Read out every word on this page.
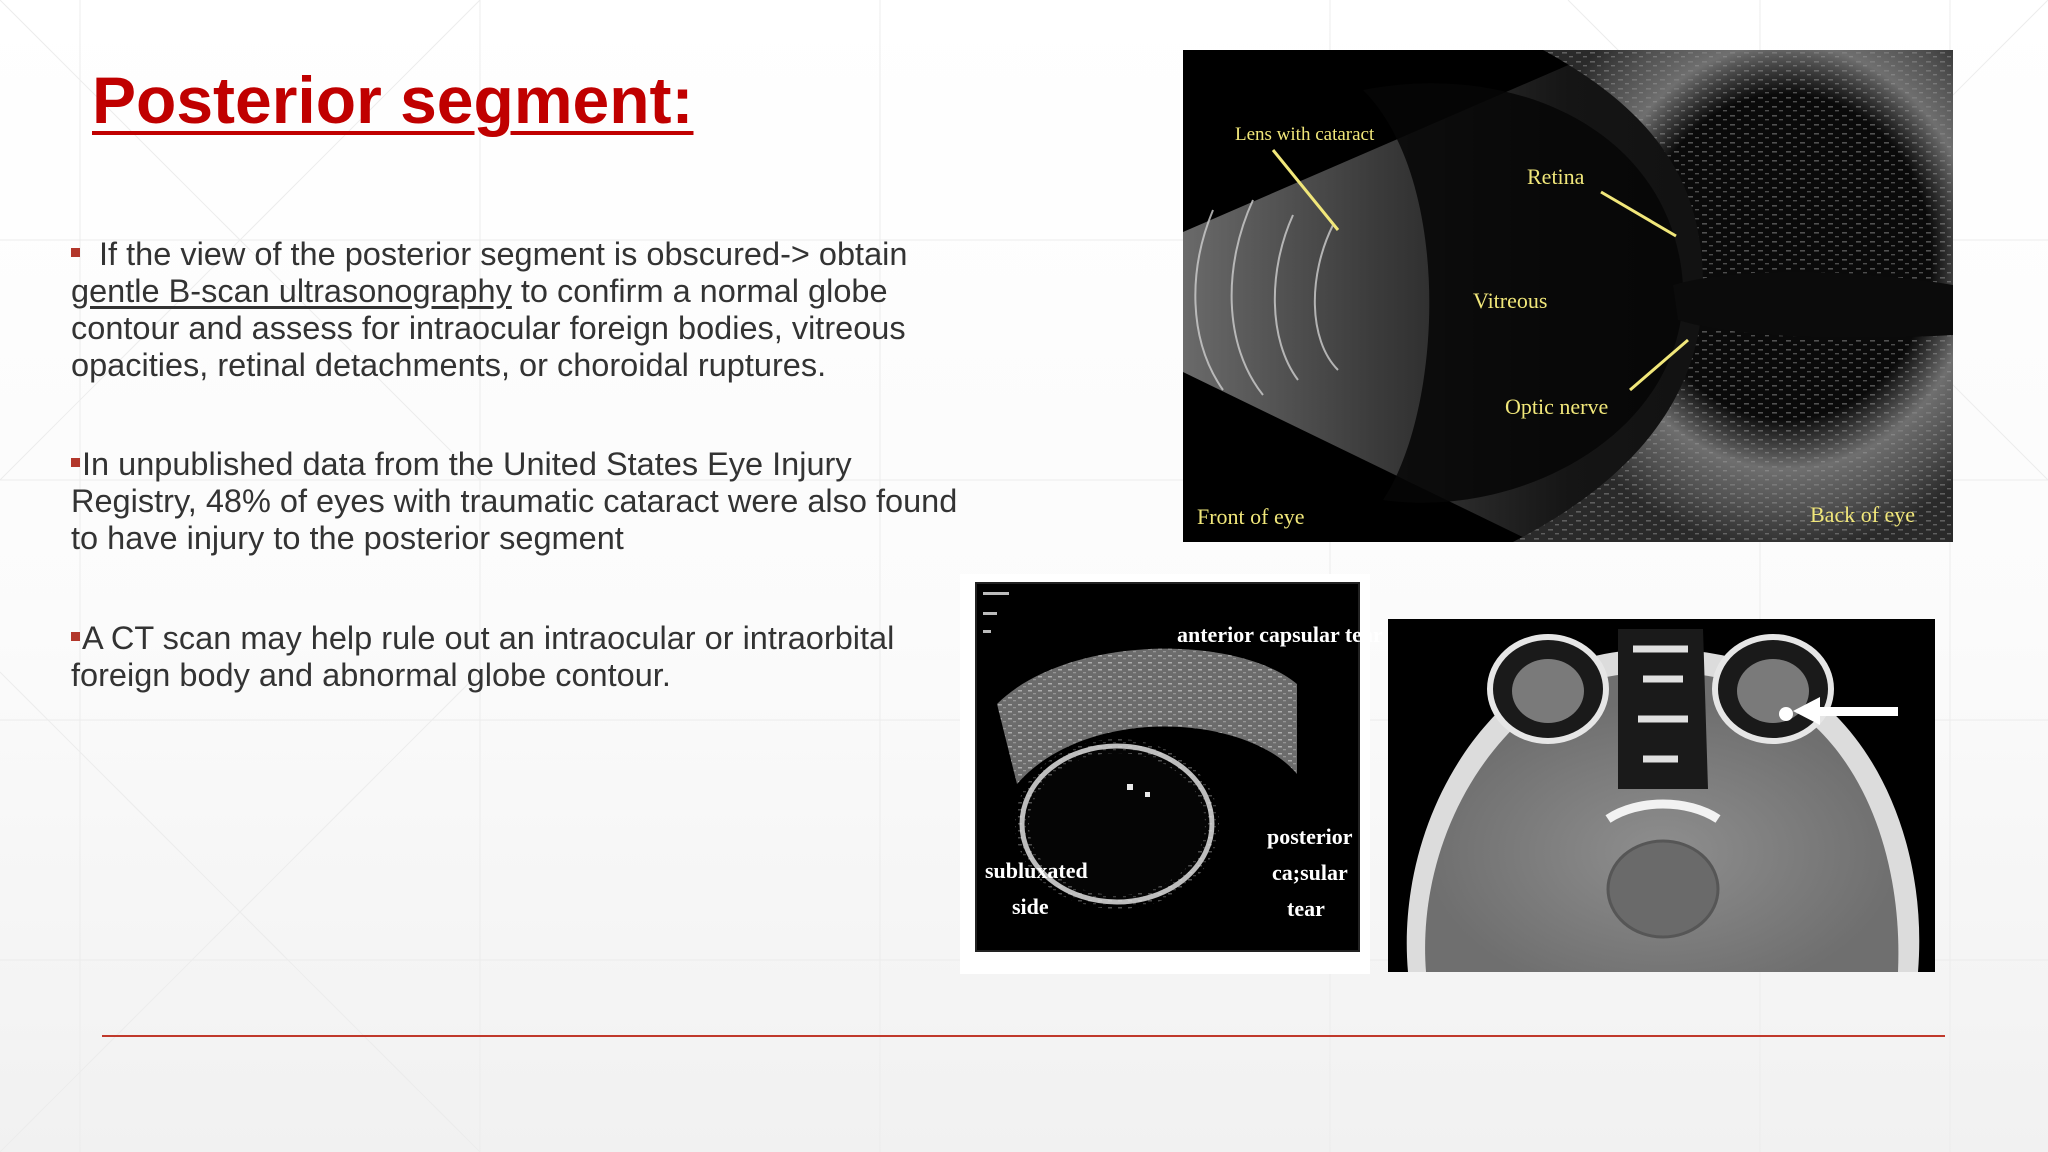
Posterior segment:
If the view of the posterior segment is obscured-> obtain gentle B-scan ultrasonography to confirm a normal globe contour and assess for intraocular foreign bodies, vitreous opacities, retinal detachments, or choroidal ruptures.
In unpublished data from the United States Eye Injury Registry, 48% of eyes with traumatic cataract were also found to have injury to the posterior segment
A CT scan may help rule out an intraocular or intraorbital foreign body and abnormal globe contour.
Lens with cataract
Retina
Vitreous
Optic nerve
Front of eye	Back of eye
anterior capsular tear
posterior
ca;sular
tear
subluxated
side
